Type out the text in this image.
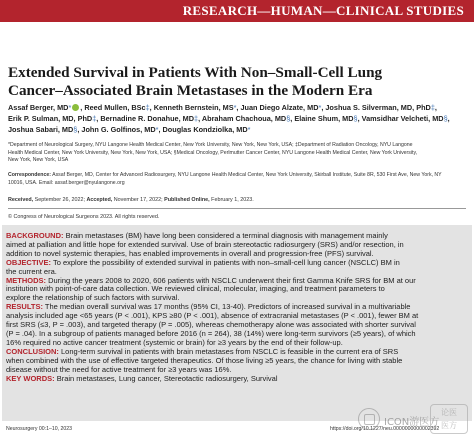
RESEARCH—HUMAN—CLINICAL STUDIES
Extended Survival in Patients With Non–Small-Cell Lung
Cancer–Associated Brain Metastases in the Modern Era
Assaf Berger, MD* , Reed Mullen, BSc‡, Kenneth Bernstein, MS*, Juan Diego Alzate, MD*, Joshua S. Silverman, MD, PhD‡,
Erik P. Sulman, MD, PhD‡, Bernadine R. Donahue, MD‡, Abraham Chachoua, MD§, Elaine Shum, MD§, Vamsidhar Velcheti, MD§,
Joshua Sabari, MD§, John G. Golfinos, MD*, Douglas Kondziolka, MD*
*Department of Neurological Surgery, NYU Langone Health Medical Center, New York University, New York, New York, USA; ‡Department of Radiation Oncology, NYU Langone
Health Medical Center, New York University, New York, New York, USA; §Medical Oncology, Perlmutter Cancer Center, NYU Langone Health Medical Center, New York University,
New York, New York, USA
Correspondence: Assaf Berger, MD, Center for Advanced Radiosurgery, NYU Langone Health Medical Center, New York University, Skirball Institute, Suite 8R, 530 First Ave, New York, NY
10016, USA. Email: assaf.berger@nyulangone.org
Received, September 26, 2022; Accepted, November 17, 2022; Published Online, February 1, 2023.
© Congress of Neurological Surgeons 2023. All rights reserved.
BACKGROUND: Brain metastases (BM) have long been considered a terminal diagnosis with management mainly
aimed at palliation and little hope for extended survival. Use of brain stereotactic radiosurgery (SRS) and/or resection, in
addition to novel systemic therapies, has enabled improvements in overall and progression-free (PFS) survival.
OBJECTIVE: To explore the possibility of extended survival in patients with non–small-cell lung cancer (NSCLC) BM in
the current era.
METHODS: During the years 2008 to 2020, 606 patients with NSCLC underwent their first Gamma Knife SRS for BM at our
institution with point-of-care data collection. We reviewed clinical, molecular, imaging, and treatment parameters to
explore the relationship of such factors with survival.
RESULTS: The median overall survival was 17 months (95% CI, 13-40). Predictors of increased survival in a multivariable
analysis included age <65 years (P < .001), KPS ≥80 (P < .001), absence of extracranial metastases (P < .001), fewer BM at
first SRS (≤3, P = .003), and targeted therapy (P = .005), whereas chemotherapy alone was associated with shorter survival
(P = .04). In a subgroup of patients managed before 2016 (n = 264), 38 (14%) were long-term survivors (≥5 years), of which
16% required no active cancer treatment (systemic or brain) for ≥3 years by the end of their follow-up.
CONCLUSION: Long-term survival in patients with brain metastases from NSCLC is feasible in the current era of SRS
when combined with the use of effective targeted therapeutics. Of those living ≥5 years, the chance for living with stable
disease without the need for active treatment for ≥3 years was 16%.
KEY WORDS: Brain metastases, Lung cancer, Stereotactic radiosurgery, Survival
Neurosurgery 00:1–10, 2023	https://doi.org/10.1227/neu.0000000000002392
ICON游医方
论医
医方
